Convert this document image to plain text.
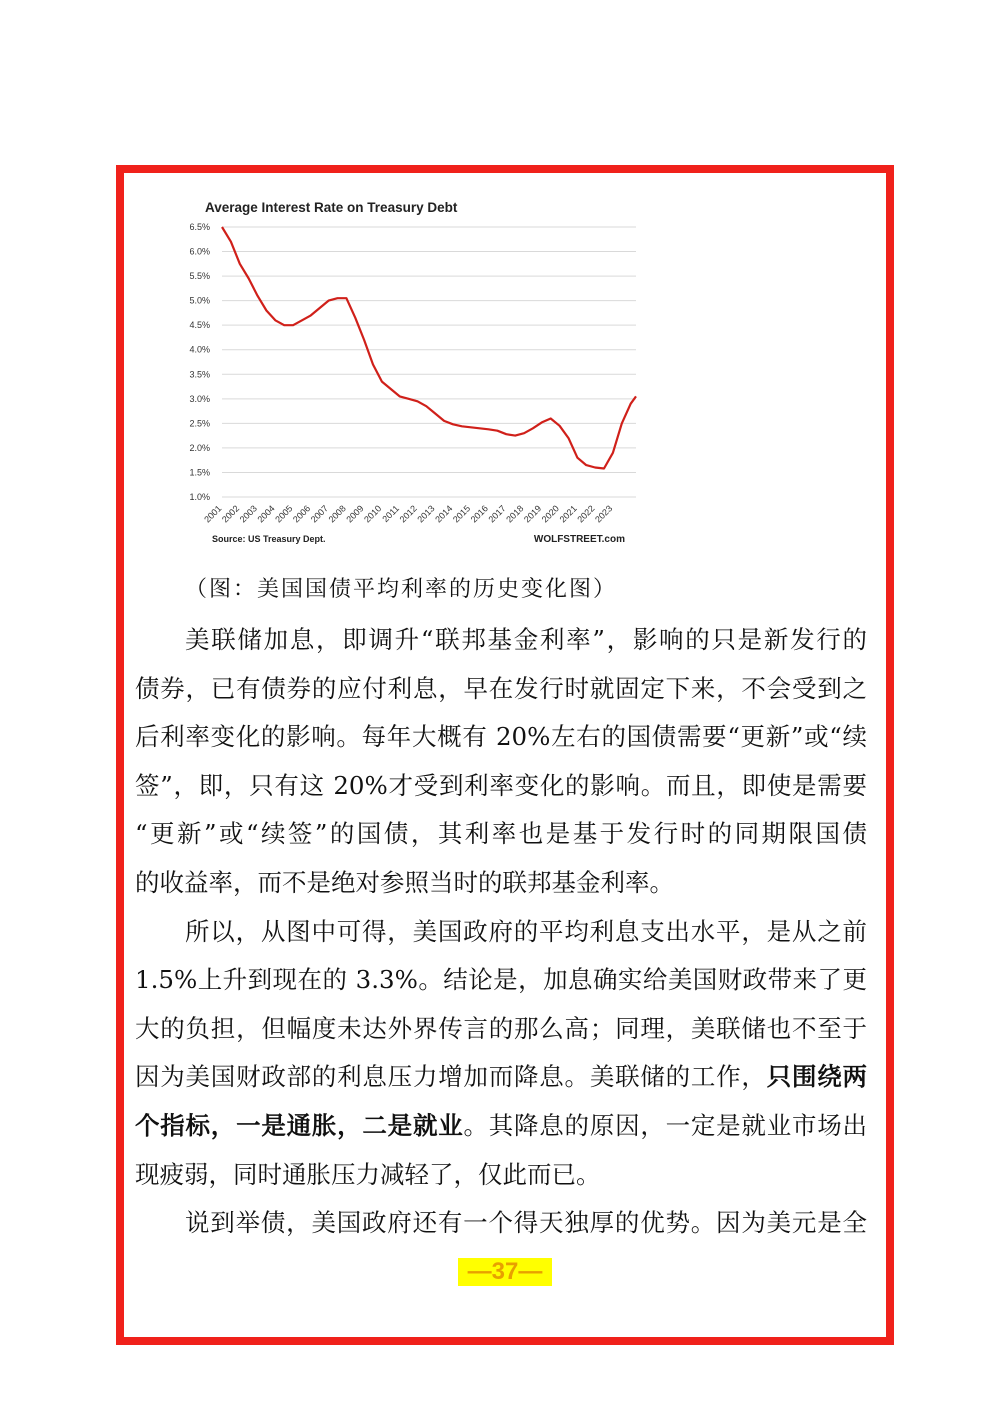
Average Interest Rate on Treasury Debt
6.5%
6.0%
5.5%
5.0%
4.5%
4.0%
3.5%
3.0%
2.5%
2.0%
1.5%
1.0%
2001
2002
2003
2004
2005
2006
2007
2008
2009
2010
2011
2012
2013
2014
2015
2016
2017
2018
2019
2020
2021
2022
2023
Source: US Treasury Dept.	WOLFSTREET.com
（图：美国国债平均利率的历史变化图）
美联储加息，即调升“联邦基金利率”，影响的只是新发行的
债券，已有债券的应付利息，早在发行时就固定下来，不会受到之
后利率变化的影响。每年大概有 20%左右的国债需要“更新”或“续
签”，即，只有这 20%才受到利率变化的影响。而且，即使是需要
“更新”或“续签”的国债，其利率也是基于发行时的同期限国债
的收益率，而不是绝对参照当时的联邦基金利率。
所以，从图中可得，美国政府的平均利息支出水平，是从之前
1.5%上升到现在的 3.3%。结论是，加息确实给美国财政带来了更
大的负担，但幅度未达外界传言的那么高；同理，美联储也不至于
因为美国财政部的利息压力增加而降息。美联储的工作，只围绕两
个指标，一是通胀，二是就业。其降息的原因，一定是就业市场出
现疲弱，同时通胀压力减轻了，仅此而已。
说到举债，美国政府还有一个得天独厚的优势。因为美元是全
—37—
